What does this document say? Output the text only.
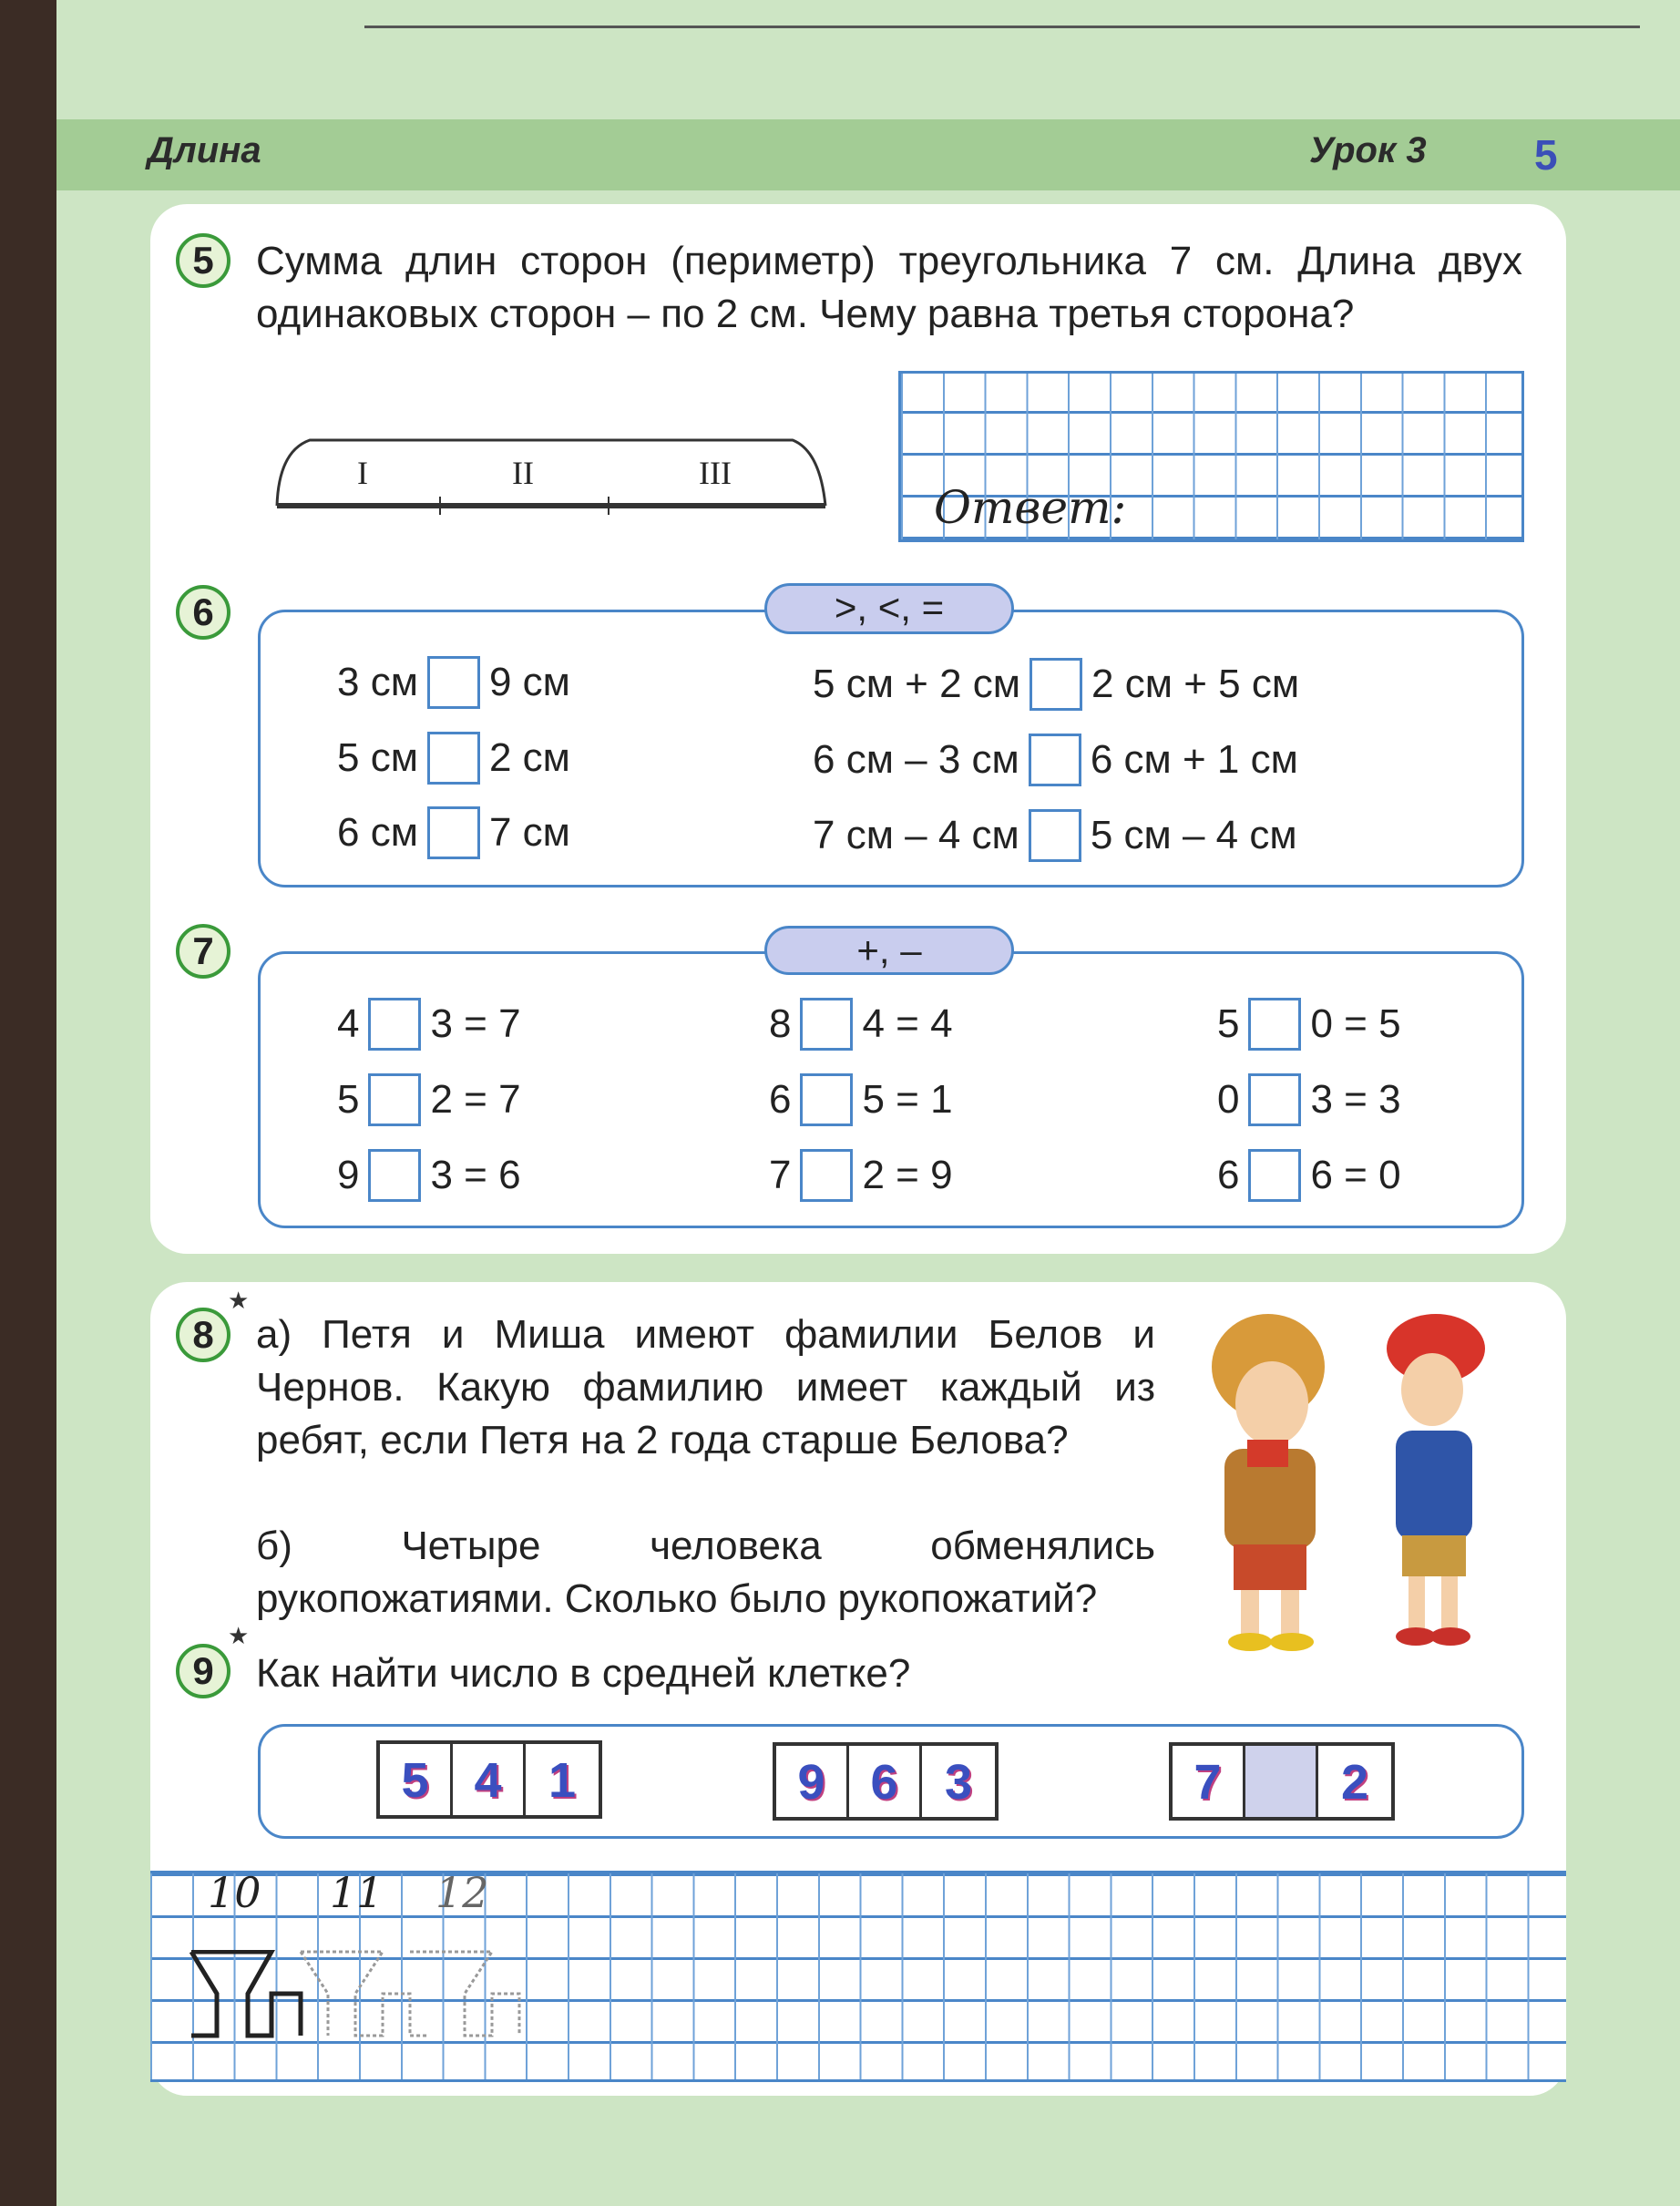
Длина	Урок 3	5
5	Сумма длин сторон (периметр) треугольника 7 см. Длина двух одинаковых сторон – по 2 см. Чему равна третья сторона?
I	II	III
Ответ:
6	>, <, =
3 см 9 см
5 см 2 см
6 см 7 см
5 см + 2 см 2 см + 5 см
6 см – 3 см 6 см + 1 см
7 см – 4 см 5 см – 4 см
7	+, –
4 3 = 7
5 2 = 7
9 3 = 6
8 4 = 4
6 5 = 1
7 2 = 9
5 0 = 5
0 3 = 3
6 6 = 0
8
★
а) Петя и Миша имеют фамилии Белов и Чернов. Какую фамилию имеет каждый из ребят, если Петя на 2 года старше Белова?
б) Четыре человека обменялись рукопожатиями. Сколько было рукопожатий?
9
★
Как найти число в средней клетке?
5 4 1	9 6 3	7	2
10 11 12
